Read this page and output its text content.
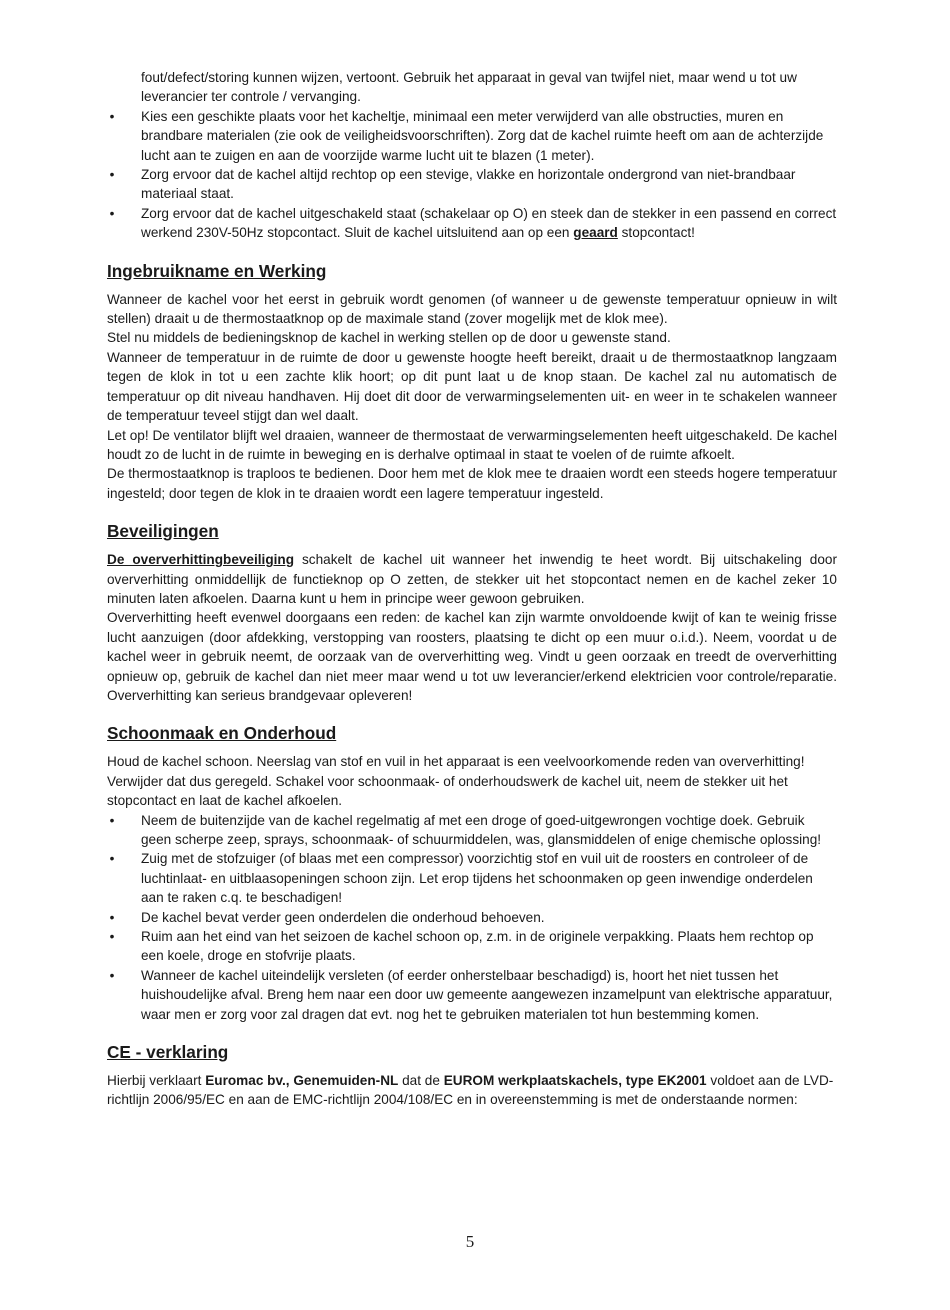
fout/defect/storing kunnen wijzen, vertoont. Gebruik het apparaat in geval van twijfel niet, maar wend u tot uw leverancier ter controle / vervanging.

• Kies een geschikte plaats voor het kacheltje, minimaal een meter verwijderd van alle obstructies, muren en brandbare materialen (zie ook de veiligheidsvoorschriften). Zorg dat de kachel ruimte heeft om aan de achterzijde lucht aan te zuigen en aan de voorzijde warme lucht uit te blazen (1 meter).
• Zorg ervoor dat de kachel altijd rechtop op een stevige, vlakke en horizontale ondergrond van niet-brandbaar materiaal staat.
• Zorg ervoor dat de kachel uitgeschakeld staat (schakelaar op O) en steek dan de stekker in een passend en correct werkend 230V-50Hz stopcontact. Sluit de kachel uitsluitend aan op een geaard stopcontact!
Ingebruikname en Werking

Wanneer de kachel voor het eerst in gebruik wordt genomen (of wanneer u de gewenste temperatuur opnieuw in wilt stellen) draait u de thermostaatknop op de maximale stand (zover mogelijk met de klok mee).

Stel nu middels de bedieningsknop de kachel in werking stellen op de door u gewenste stand.

Wanneer de temperatuur in de ruimte de door u gewenste hoogte heeft bereikt, draait u de thermostaatknop langzaam tegen de klok in tot u een zachte klik hoort; op dit punt laat u de knop staan. De kachel zal nu automatisch de temperatuur op dit niveau handhaven. Hij doet dit door de verwarmingselementen uit- en weer in te schakelen wanneer de temperatuur teveel stijgt dan wel daalt.

Let op! De ventilator blijft wel draaien, wanneer de thermostaat de verwarmingselementen heeft uitgeschakeld. De kachel houdt zo de lucht in de ruimte in beweging en is derhalve optimaal in staat te voelen of de ruimte afkoelt.

De thermostaatknop is traploos te bedienen. Door hem met de klok mee te draaien wordt een steeds hogere temperatuur ingesteld; door tegen de klok in te draaien wordt een lagere temperatuur ingesteld.

Beveiligingen

De oververhittingbeveiliging schakelt de kachel uit wanneer het inwendig te heet wordt. Bij uitschakeling door oververhitting onmiddellijk de functieknop op O zetten, de stekker uit het stopcontact nemen en de kachel zeker 10 minuten laten afkoelen. Daarna kunt u hem in principe weer gewoon gebruiken.

Oververhitting heeft evenwel doorgaans een reden: de kachel kan zijn warmte onvoldoende kwijt of kan te weinig frisse lucht aanzuigen (door afdekking, verstopping van roosters, plaatsing te dicht op een muur o.i.d.). Neem, voordat u de kachel weer in gebruik neemt, de oorzaak van de oververhitting weg. Vindt u geen oorzaak en treedt de oververhitting opnieuw op, gebruik de kachel dan niet meer maar wend u tot uw leverancier/erkend elektricien voor controle/reparatie. Oververhitting kan serieus brandgevaar opleveren!

Schoonmaak en Onderhoud

Houd de kachel schoon. Neerslag van stof en vuil in het apparaat is een veelvoorkomende reden van oververhitting! Verwijder dat dus geregeld. Schakel voor schoonmaak- of onderhoudswerk de kachel uit, neem de stekker uit het stopcontact en laat de kachel afkoelen.

• Neem de buitenzijde van de kachel regelmatig af met een droge of goed-uitgewrongen vochtige doek. Gebruik geen scherpe zeep, sprays, schoonmaak- of schuurmiddelen, was, glansmiddelen of enige chemische oplossing!
• Zuig met de stofzuiger (of blaas met een compressor) voorzichtig stof en vuil uit de roosters en controleer of de luchtinlaat- en uitblaasopeningen schoon zijn. Let erop tijdens het schoonmaken op geen inwendige onderdelen aan te raken c.q. te beschadigen!
• De kachel bevat verder geen onderdelen die onderhoud behoeven.
• Ruim aan het eind van het seizoen de kachel schoon op, z.m. in de originele verpakking. Plaats hem rechtop op een koele, droge en stofvrije plaats.
• Wanneer de kachel uiteindelijk versleten (of eerder onherstelbaar beschadigd) is, hoort het niet tussen het huishoudelijke afval. Breng hem naar een door uw gemeente aangewezen inzamelpunt van elektrische apparatuur, waar men er zorg voor zal dragen dat evt. nog het te gebruiken materialen tot hun bestemming komen.
CE - verklaring

Hierbij verklaart Euromac bv., Genemuiden-NL dat de EUROM werkplaatskachels, type EK2001 voldoet aan de LVD-richtlijn 2006/95/EC en aan de EMC-richtlijn 2004/108/EC en in overeenstemming is met de onderstaande normen:

5
